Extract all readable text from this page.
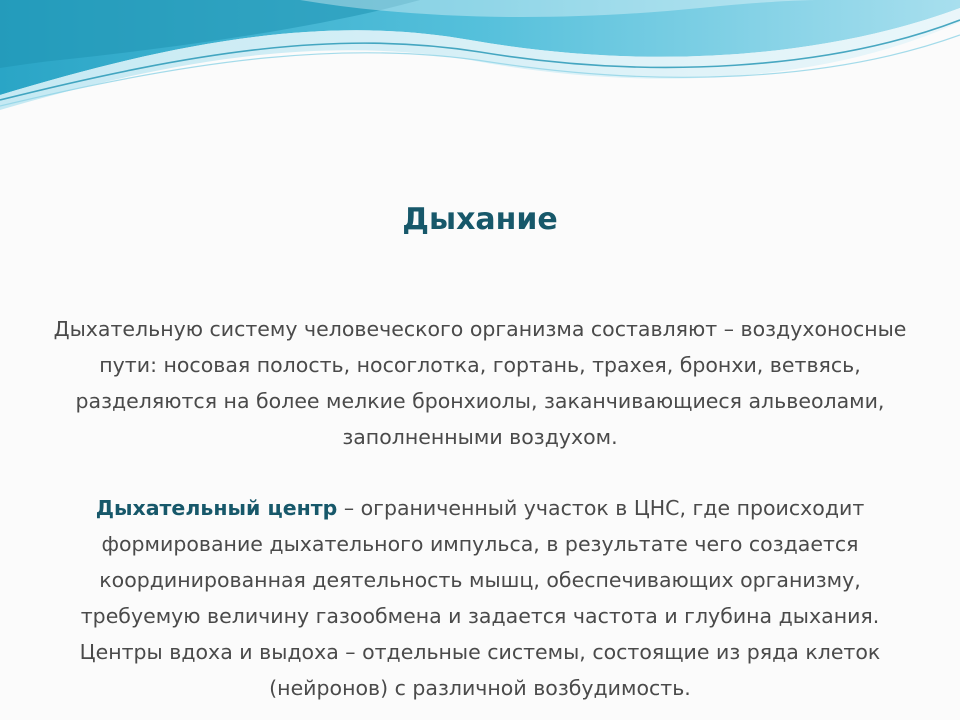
Дыхание

Дыхательную систему человеческого организма составляют – воздухоносные пути: носовая полость, носоглотка, гортань, трахея, бронхи, ветвясь, разделяются на более мелкие бронхиолы, заканчивающиеся альвеолами, заполненными воздухом.

Дыхательный центр – ограниченный участок в ЦНС, где происходит формирование дыхательного импульса, в результате чего создается координированная деятельность мышц, обеспечивающих организму, требуемую величину газообмена и задается частота и глубина дыхания. Центры вдоха и выдоха – отдельные системы, состоящие из ряда клеток (нейронов) с различной возбудимость.
